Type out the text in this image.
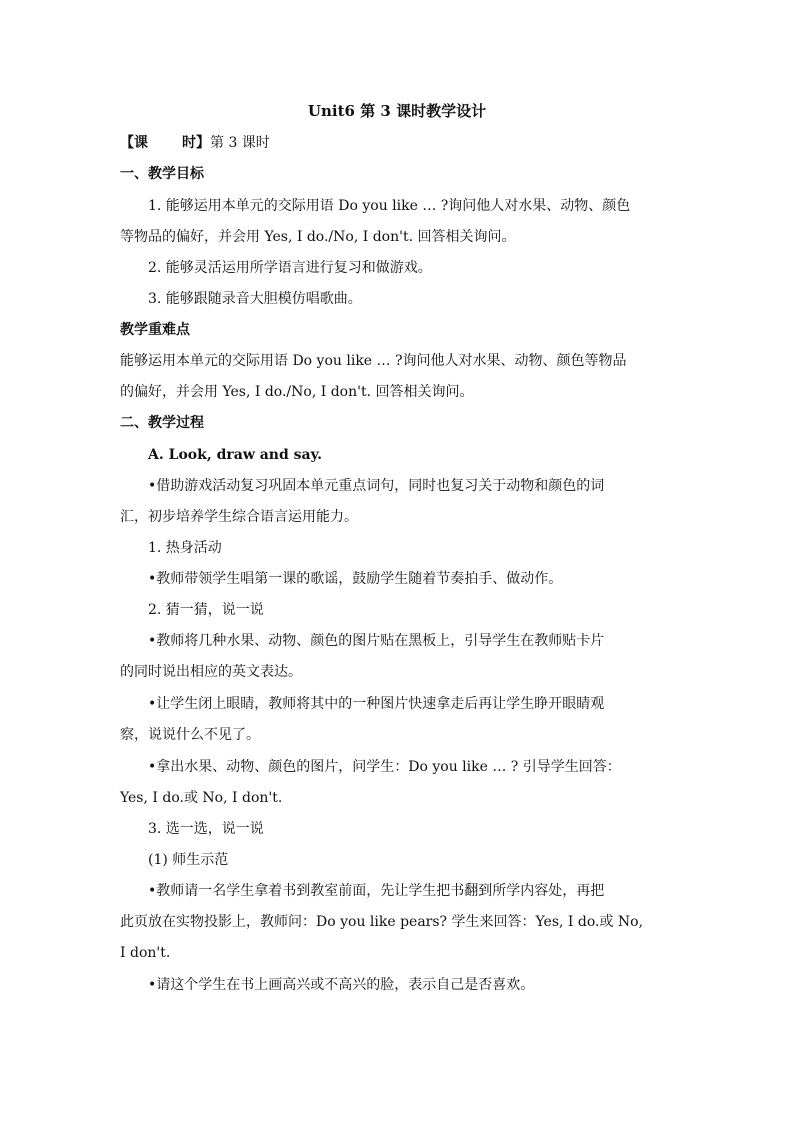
Unit6 第 3 课时教学设计
【课 时】第 3 课时
一、教学目标
1. 能够运用本单元的交际用语 Do you like … ?询问他人对水果、动物、颜色
等物品的偏好，并会用 Yes, I do./No, I don't. 回答相关询问。
2. 能够灵活运用所学语言进行复习和做游戏。
3. 能够跟随录音大胆模仿唱歌曲。
教学重难点
能够运用本单元的交际用语 Do you like … ?询问他人对水果、动物、颜色等物品
的偏好，并会用 Yes, I do./No, I don't. 回答相关询问。
二、教学过程
A. Look, draw and say.
•借助游戏活动复习巩固本单元重点词句，同时也复习关于动物和颜色的词
汇，初步培养学生综合语言运用能力。
1. 热身活动
•教师带领学生唱第一课的歌谣，鼓励学生随着节奏拍手、做动作。
2. 猜一猜，说一说
•教师将几种水果、动物、颜色的图片贴在黑板上，引导学生在教师贴卡片
的同时说出相应的英文表达。
•让学生闭上眼睛，教师将其中的一种图片快速拿走后再让学生睁开眼睛观
察，说说什么不见了。
•拿出水果、动物、颜色的图片，问学生：Do you like … ? 引导学生回答：
Yes, I do.或 No, I don't.
3. 选一选，说一说
(1) 师生示范
•教师请一名学生拿着书到教室前面，先让学生把书翻到所学内容处，再把
此页放在实物投影上，教师问：Do you like pears? 学生来回答：Yes, I do.或 No,
I don't.
•请这个学生在书上画高兴或不高兴的脸，表示自己是否喜欢。
